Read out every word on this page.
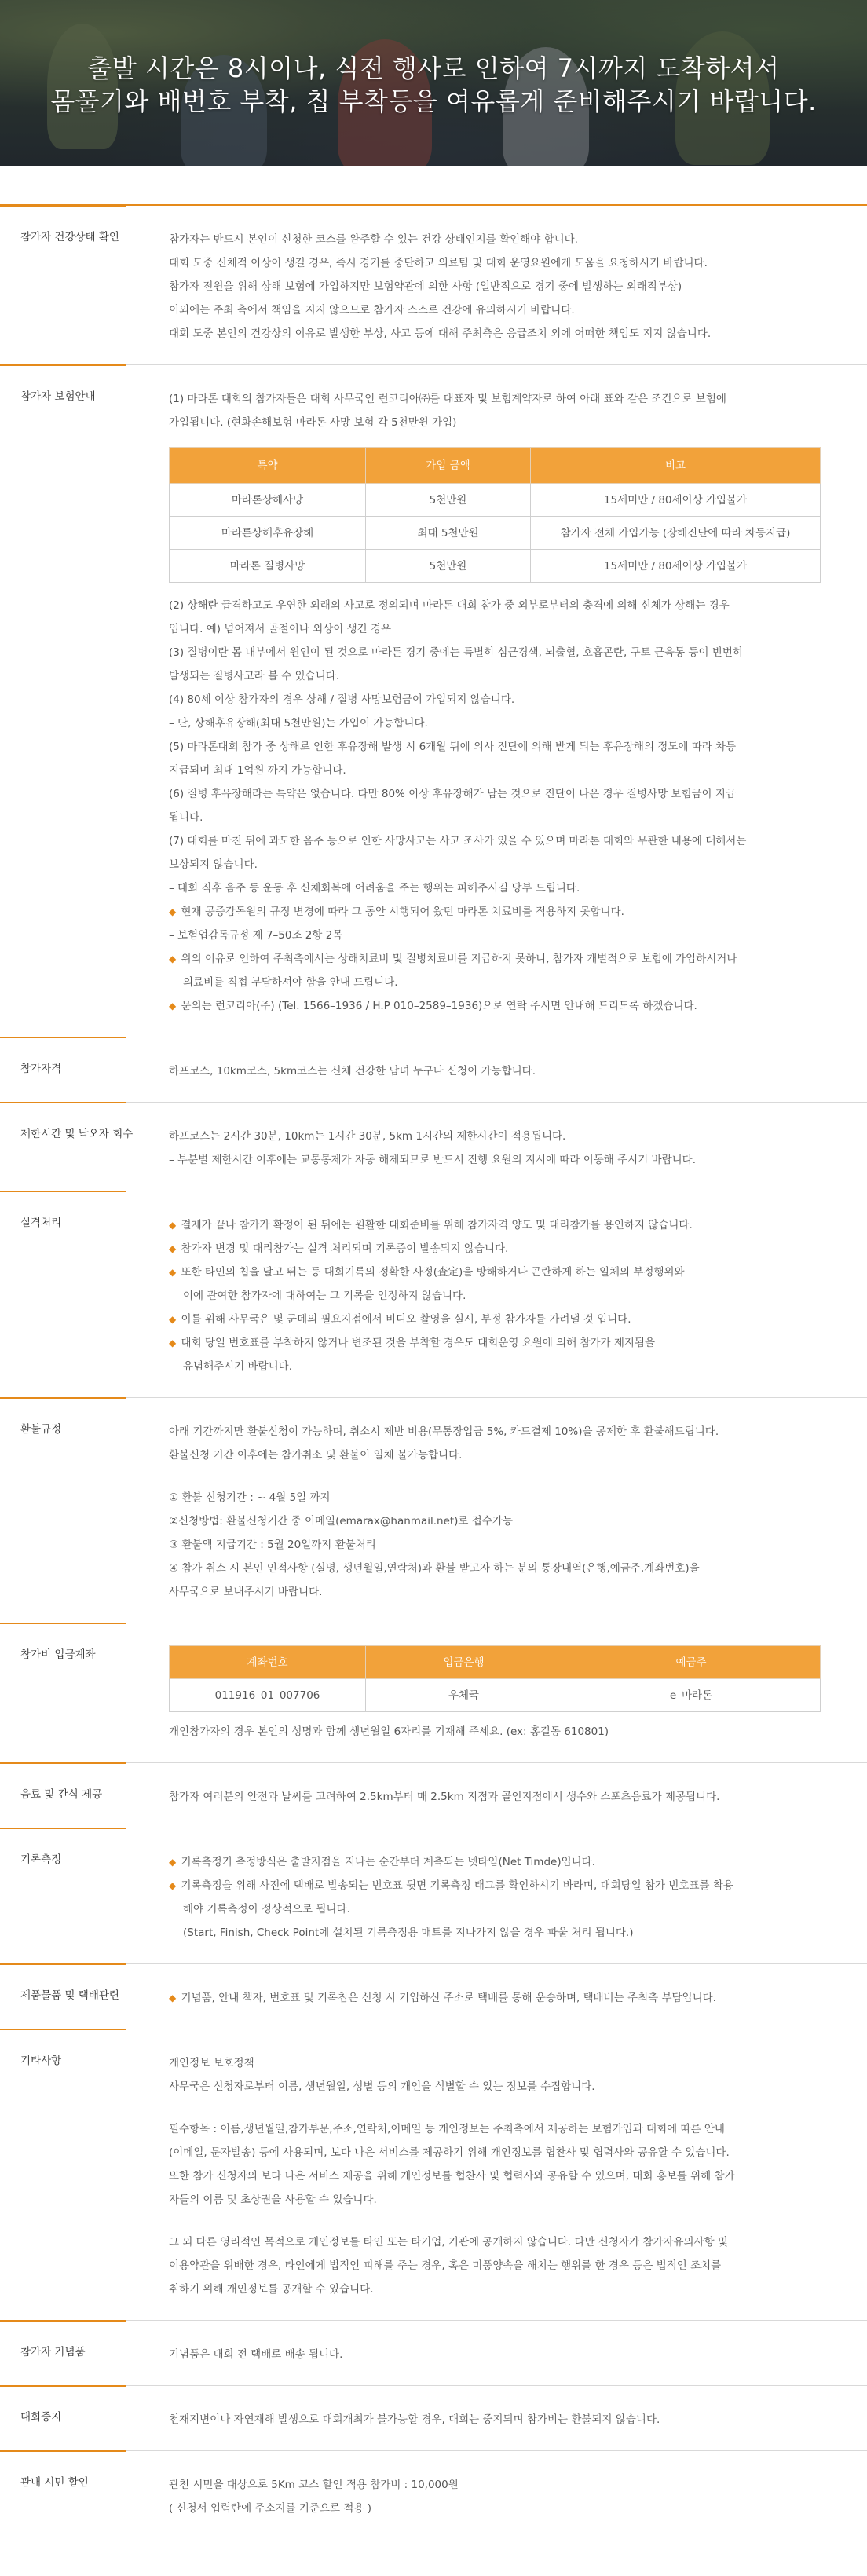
출발 시간은 8시이나, 식전 행사로 인하여 7시까지 도착하셔서
몸풀기와 배번호 부착, 칩 부착등을 여유롭게 준비해주시기 바랍니다.
참가자 건강상태 확인	참가자는 반드시 본인이 신청한 코스를 완주할 수 있는 건강 상태인지를 확인해야 합니다.

대회 도중 신체적 이상이 생길 경우, 즉시 경기를 중단하고 의료팀 및 대회 운영요원에게 도움을 요청하시기 바랍니다.

참가자 전원을 위해 상해 보험에 가입하지만 보험약관에 의한 사항 (일반적으로 경기 중에 발생하는 외래적부상)

이외에는 주최 측에서 책임을 지지 않으므로 참가자 스스로 건강에 유의하시기 바랍니다.

대회 도중 본인의 건강상의 이유로 발생한 부상, 사고 등에 대해 주최측은 응급조치 외에 어떠한 책임도 지지 않습니다.

참가자 보험안내	(1) 마라톤 대회의 참가자들은 대회 사무국인 런코리아㈜를 대표자 및 보험계약자로 하여 아래 표와 같은 조건으로 보험에

가입됩니다. (현화손해보험 마라톤 사망 보험 각 5천만원 가입)

특약	가입 금액	비고
마라톤상해사망	5천만원	15세미만 / 80세이상 가입불가
마라톤상해후유장해	최대 5천만원	참가자 전체 가입가능 (장해진단에 따라 차등지급)
마라톤 질병사망	5천만원	15세미만 / 80세이상 가입불가

(2) 상해란 급격하고도 우연한 외래의 사고로 정의되며 마라톤 대회 참가 중 외부로부터의 충격에 의해 신체가 상해는 경우

입니다. 예) 넘어져서 골절이나 외상이 생긴 경우

(3) 질병이란 몸 내부에서 원인이 된 것으로 마라톤 경기 중에는 특별히 심근경색, 뇌출혈, 호흡곤란, 구토 근육통 등이 빈번히

발생되는 질병사고라 볼 수 있습니다.

(4) 80세 이상 참가자의 경우 상해 / 질병 사망보험금이 가입되지 않습니다.

– 단, 상해후유장해(최대 5천만원)는 가입이 가능합니다.

(5) 마라톤대회 참가 중 상해로 인한 후유장해 발생 시 6개월 뒤에 의사 진단에 의해 받게 되는 후유장해의 정도에 따라 차등

지급되며 최대 1억원 까지 가능합니다.

(6) 질병 후유장해라는 특약은 없습니다. 다만 80% 이상 후유장해가 남는 것으로 진단이 나온 경우 질병사망 보험금이 지급

됩니다.

(7) 대회를 마친 뒤에 과도한 음주 등으로 인한 사망사고는 사고 조사가 있을 수 있으며 마라톤 대회와 무관한 내용에 대해서는

보상되지 않습니다.

– 대회 직후 음주 등 운동 후 신체회복에 어려움을 주는 행위는 피해주시길 당부 드립니다.

◆ 현재 공증감독원의 규정 변경에 따라 그 동안 시행되어 왔던 마라톤 치료비를 적용하지 못합니다.

– 보험업감독규정 제 7–50조 2항 2목

◆ 위의 이유로 인하여 주최측에서는 상해치료비 및 질병치료비를 지급하지 못하니, 참가자 개별적으로 보험에 가입하시거나

의료비를 직접 부담하셔야 함을 안내 드립니다.

◆ 문의는 런코리아(주) (Tel. 1566–1936 / H.P 010–2589–1936)으로 연락 주시면 안내해 드리도록 하겠습니다.

참가자격	하프코스, 10km코스, 5km코스는 신체 건강한 남녀 누구나 신청이 가능합니다.

제한시간 및 낙오자 회수	하프코스는 2시간 30분, 10km는 1시간 30분, 5km 1시간의 제한시간이 적용됩니다.

– 부분별 제한시간 이후에는 교통통제가 자동 해제되므로 반드시 진행 요원의 지시에 따라 이동해 주시기 바랍니다.

실격처리	◆ 결제가 끝나 참가가 확정이 된 뒤에는 원활한 대회준비를 위해 참가자격 양도 및 대리참가를 용인하지 않습니다.

◆ 참가자 변경 및 대리참가는 실격 처리되며 기록증이 발송되지 않습니다.

◆ 또한 타인의 칩을 달고 뛰는 등 대회기록의 정확한 사정(査定)을 방해하거나 곤란하게 하는 일체의 부정행위와

이에 관여한 참가자에 대하여는 그 기록을 인정하지 않습니다.

◆ 이를 위해 사무국은 몇 군데의 필요지점에서 비디오 촬영을 실시, 부정 참가자를 가려낼 것 입니다.

◆ 대회 당일 번호표를 부착하지 않거나 변조된 것을 부착할 경우도 대회운영 요원에 의해 참가가 제지됨을

유념해주시기 바랍니다.

환불규정	아래 기간까지만 환불신청이 가능하며, 취소시 제반 비용(무통장입금 5%, 카드결제 10%)을 공제한 후 환불해드립니다.

환불신청 기간 이후에는 참가취소 및 환불이 일체 불가능합니다.

① 환불 신청기간 : ~ 4월 5일 까지

②신청방법: 환불신청기간 중 이메일(emarax@hanmail.net)로 접수가능

③ 환불액 지급기간 : 5월 20일까지 환불처리

④ 참가 취소 시 본인 인적사항 (실명, 생년월일,연락처)과 환불 받고자 하는 분의 통장내역(은행,예금주,계좌번호)을

사무국으로 보내주시기 바랍니다.

참가비 입금계좌
계좌번호	입금은행	예금주
011916–01–007706	우체국	e–마라톤

개인참가자의 경우 본인의 성명과 함께 생년월일 6자리를 기재해 주세요. (ex: 홍길동 610801)

음료 및 간식 제공	참가자 여러분의 안전과 날씨를 고려하여 2.5km부터 매 2.5km 지점과 골인지점에서 생수와 스포츠음료가 제공됩니다.

기록측정	◆ 기록측정기 측정방식은 출발지점을 지나는 순간부터 계측되는 넷타임(Net Timde)입니다.

◆ 기록측정을 위해 사전에 택배로 발송되는 번호표 뒷면 기록측정 태그를 확인하시기 바라며, 대회당일 참가 번호표를 착용

해야 기록측정이 정상적으로 됩니다.

(Start, Finish, Check Point에 설치된 기록측정용 매트를 지나가지 않을 경우 파울 처리 됩니다.)

제품물품 및 택배관련	◆ 기념품, 안내 책자, 번호표 및 기록칩은 신청 시 기입하신 주소로 택배를 통해 운송하며, 택배비는 주최측 부담입니다.

기타사항	개인정보 보호정책

사무국은 신청자로부터 이름, 생년월일, 성별 등의 개인을 식별할 수 있는 정보를 수집합니다.

필수항목 : 이름,생년월일,참가부문,주소,연락처,이메일 등 개인정보는 주최측에서 제공하는 보험가입과 대회에 따른 안내

(이메일, 문자발송) 등에 사용되며, 보다 나은 서비스를 제공하기 위해 개인정보를 협찬사 및 협력사와 공유할 수 있습니다.

또한 참가 신청자의 보다 나은 서비스 제공을 위해 개인정보를 협찬사 및 협력사와 공유할 수 있으며, 대회 홍보를 위해 참가

자들의 이름 및 초상권을 사용할 수 있습니다.

그 외 다른 영리적인 목적으로 개인정보를 타인 또는 타기업, 기관에 공개하지 않습니다. 다만 신청자가 참가자유의사항 및

이용약관을 위배한 경우, 타인에게 법적인 피해를 주는 경우, 혹은 미풍양속을 해치는 행위를 한 경우 등은 법적인 조치를

취하기 위해 개인정보를 공개할 수 있습니다.

참가자 기념품	기념품은 대회 전 택배로 배송 됩니다.

대회중지	천재지변이나 자연재해 발생으로 대회개최가 불가능할 경우, 대회는 중지되며 참가비는 환불되지 않습니다.

관내 시민 할인	관천 시민을 대상으로 5Km 코스 할인 적용 참가비 : 10,000원

( 신청서 입력란에 주소지를 기준으로 적용 )
